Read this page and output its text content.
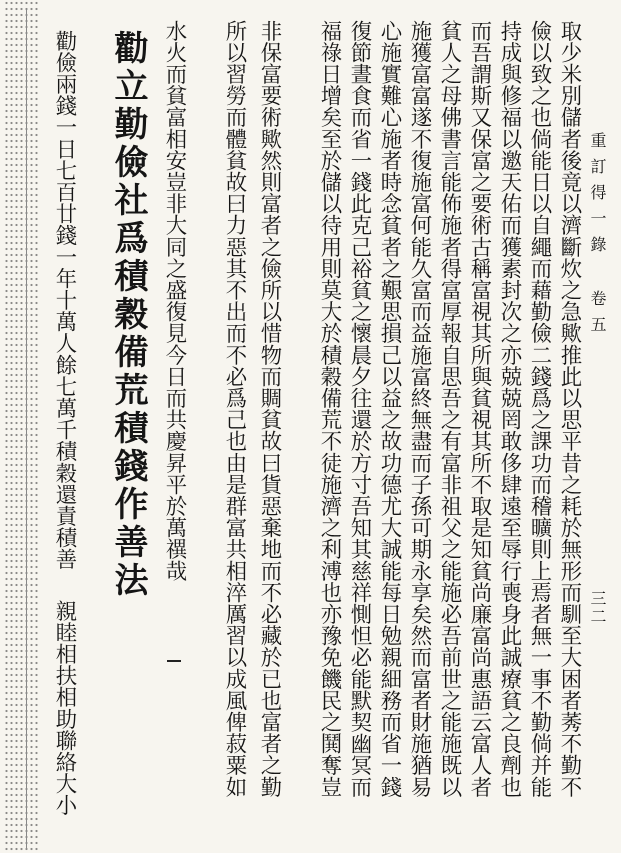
重訂得一錄卷五
三二
取少米別儲者後竟以濟斷炊之急歟推此以思平昔之耗於無形而馴至大困者莠不勤不
儉以致之也倘能日以自繩而藉勤儉二錢爲之課功而稽曠則上焉者無一事不勤倘并能
持成與修福以邀天佑而獲素封次之亦兢兢罔敢侈肆遠至辱行喪身此誠療貧之良劑也
而吾謂斯又保富之要術古稱富視其所與貧視其所不取是知貧尚廉富尚惠語云富人者
貧人之母佛書言能佈施者得富厚報自思吾之有富非祖父之能施必吾前世之能施既以
施獲富富遂不復施富何能久富而益施富終無盡而子孫可期永享矣然而富者財施猶易
心施實難心施者時念貧者之艱思損己以益之故功德尤大誠能每日勉親細務而省一錢
復節晝食而省一錢此克己裕貧之懷晨夕往還於方寸吾知其慈祥惻怛必能默契幽冥而
福祿日增矣至於儲以待用則莫大於積穀備荒不徒施濟之利溥也亦豫免饑民之鬨奪豈
非保富要術歟然則富者之儉所以惜物而賙貧故曰貨惡棄地而不必藏於已也富者之勤
所以習勞而體貧故曰力惡其不出而不必爲己也由是群富共相淬厲習以成風俾菽粟如
水火而貧富相安豈非大同之盛復見今日而共慶昇平於萬禩哉
勸立勤儉社爲積穀備荒積錢作善法
勸儉兩錢一日七百廿錢一年十萬人餘七萬千積穀還責積善
親睦相扶相助聯絡大小
